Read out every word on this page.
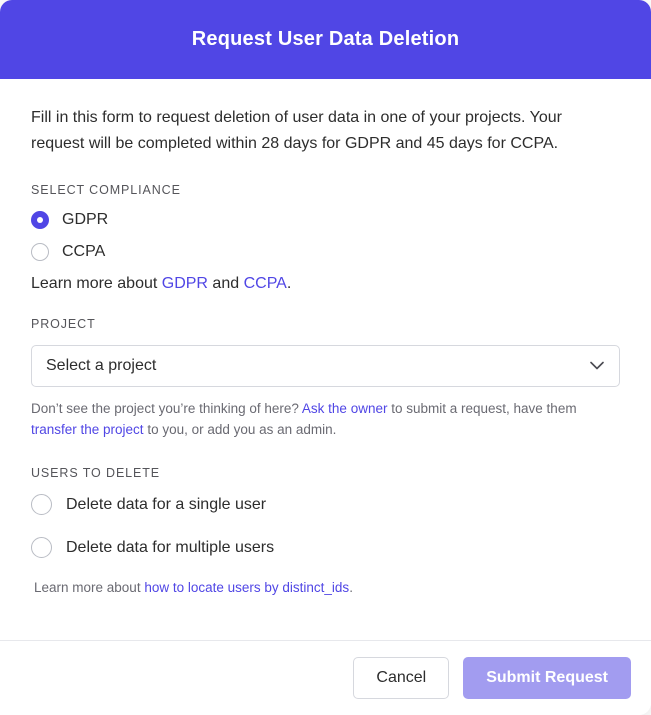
Request User Data Deletion

Fill in this form to request deletion of user data in one of your projects. Your request will be completed within 28 days for GDPR and 45 days for CCPA.

SELECT COMPLIANCE
GDPR
CCPA
Learn more about GDPR and CCPA.
PROJECT
Select a project
Don’t see the project you’re thinking of here? Ask the owner to submit a request, have them transfer the project to you, or add you as an admin.
USERS TO DELETE
Delete data for a single user
Delete data for multiple users
Learn more about how to locate users by distinct_ids.
Cancel	Submit Request
